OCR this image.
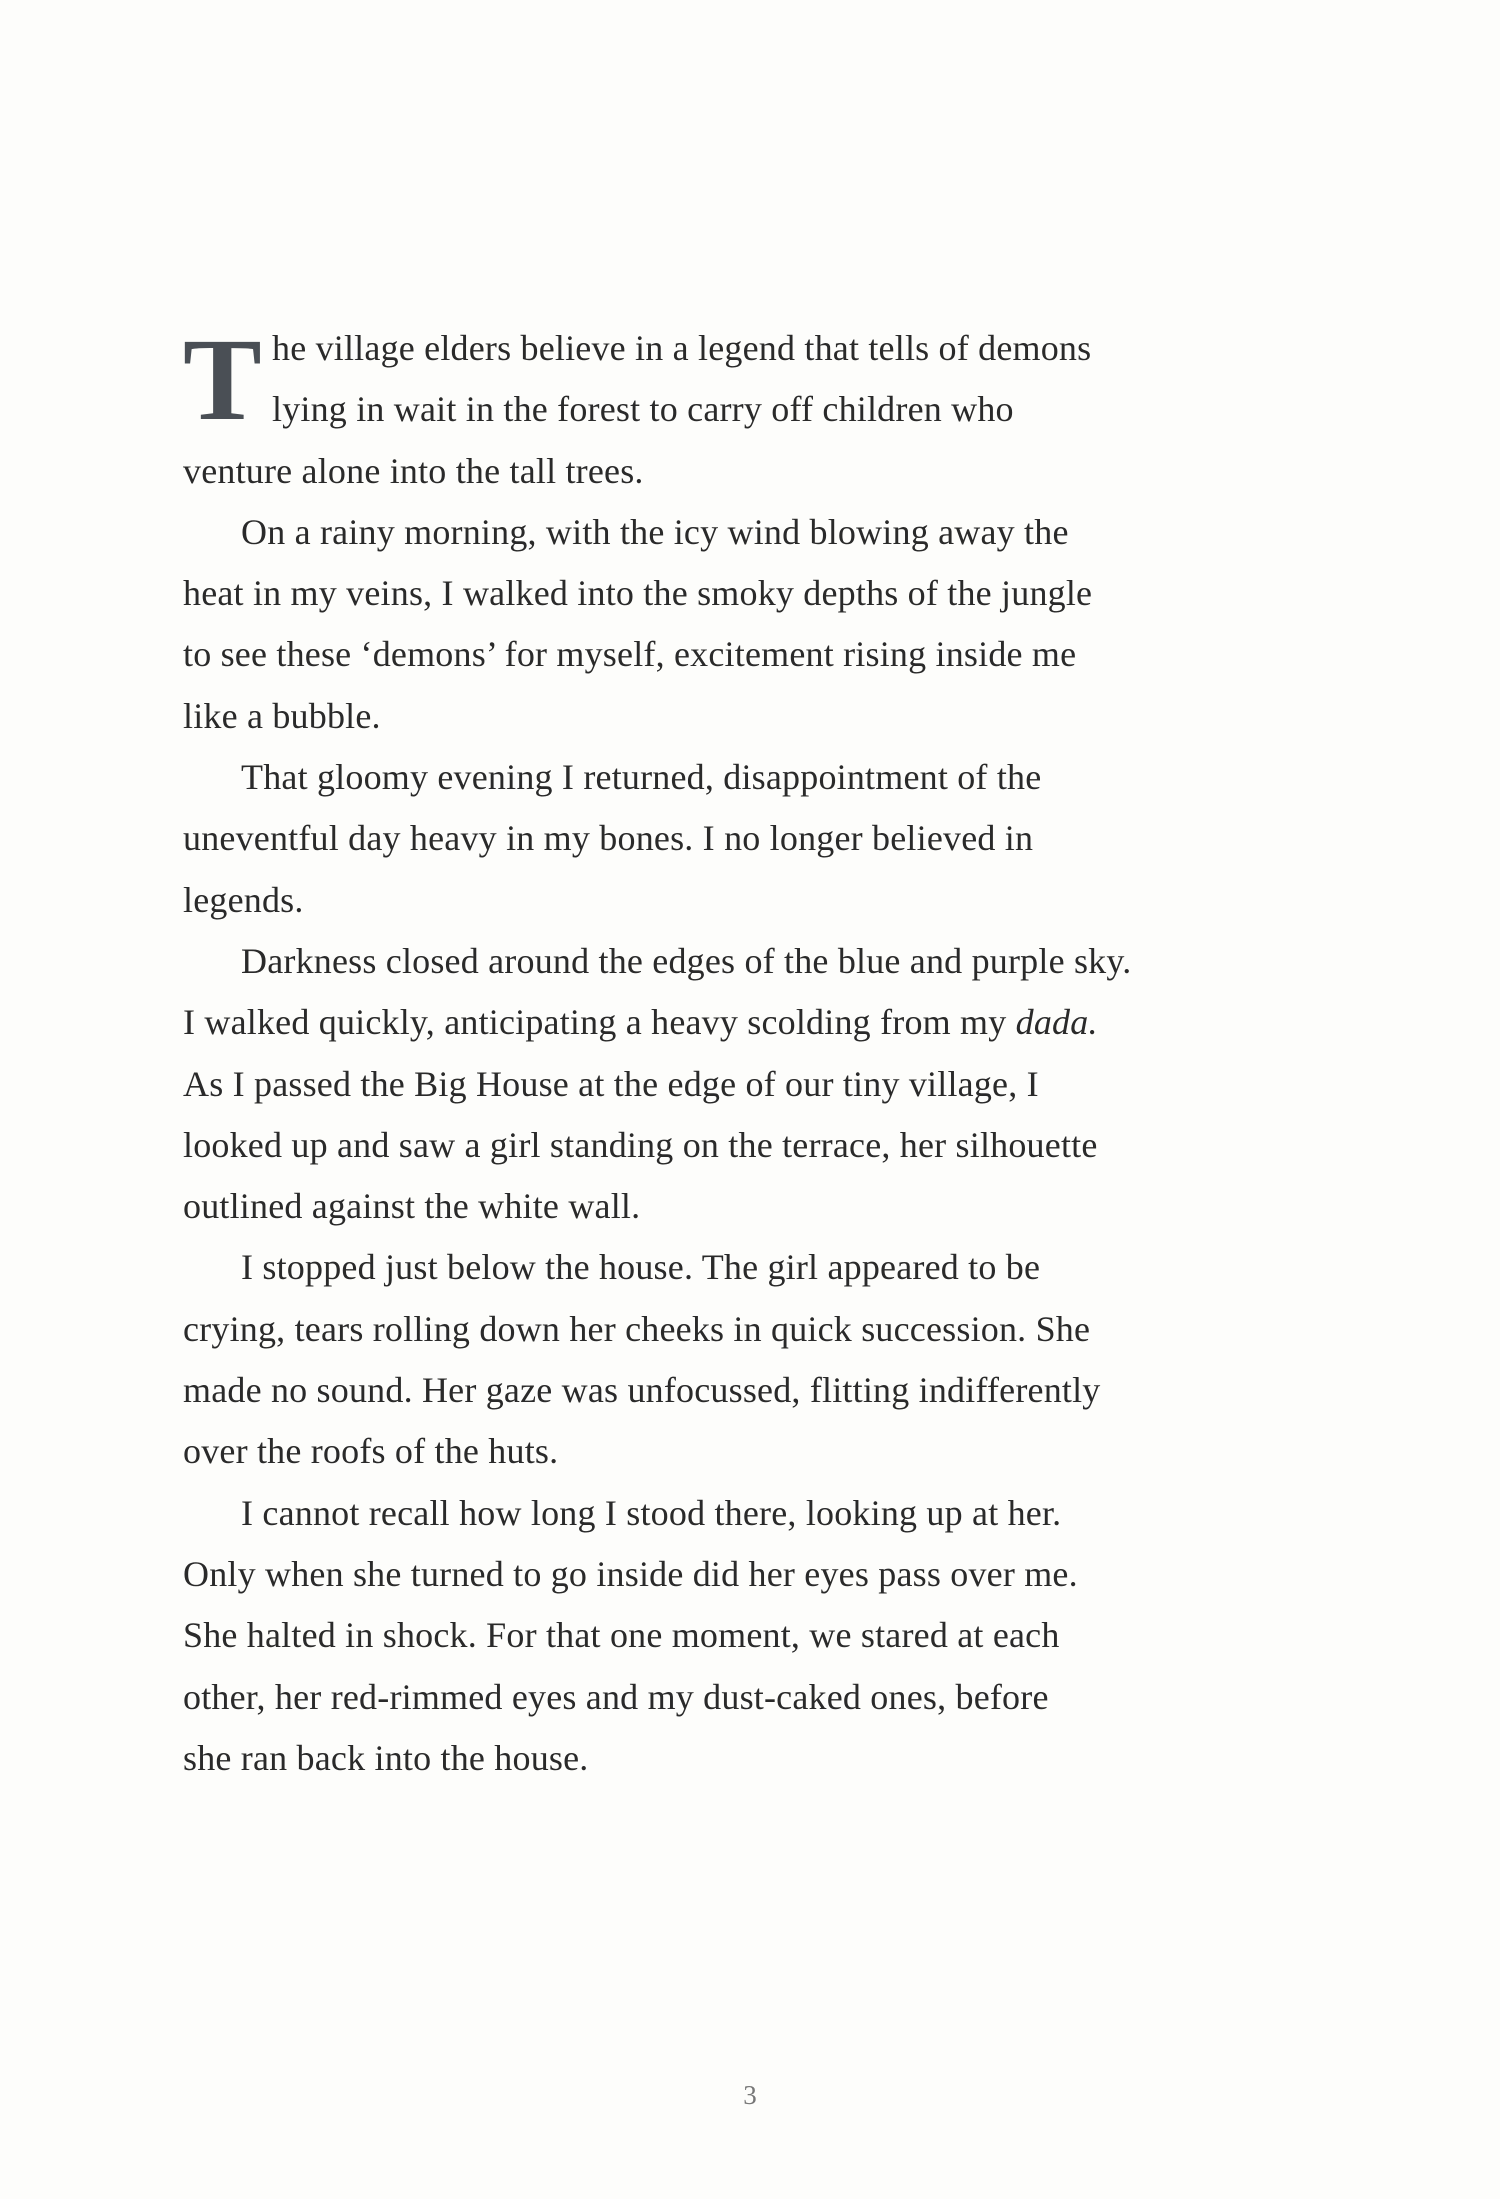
T he village elders believe in a legend that tells of demons
lying in wait in the forest to carry off children who
venture alone into the tall trees.
On a rainy morning, with the icy wind blowing away the
heat in my veins, I walked into the smoky depths of the jungle
to see these ‘demons’ for myself, excitement rising inside me
like a bubble.
That gloomy evening I returned, disappointment of the
uneventful day heavy in my bones. I no longer believed in
legends.
Darkness closed around the edges of the blue and purple sky.
I walked quickly, anticipating a heavy scolding from my dada.
As I passed the Big House at the edge of our tiny village, I
looked up and saw a girl standing on the terrace, her silhouette
outlined against the white wall.
I stopped just below the house. The girl appeared to be
crying, tears rolling down her cheeks in quick succession. She
made no sound. Her gaze was unfocussed, flitting indifferently
over the roofs of the huts.
I cannot recall how long I stood there, looking up at her.
Only when she turned to go inside did her eyes pass over me.
She halted in shock. For that one moment, we stared at each
other, her red-rimmed eyes and my dust-caked ones, before
she ran back into the house.
3
